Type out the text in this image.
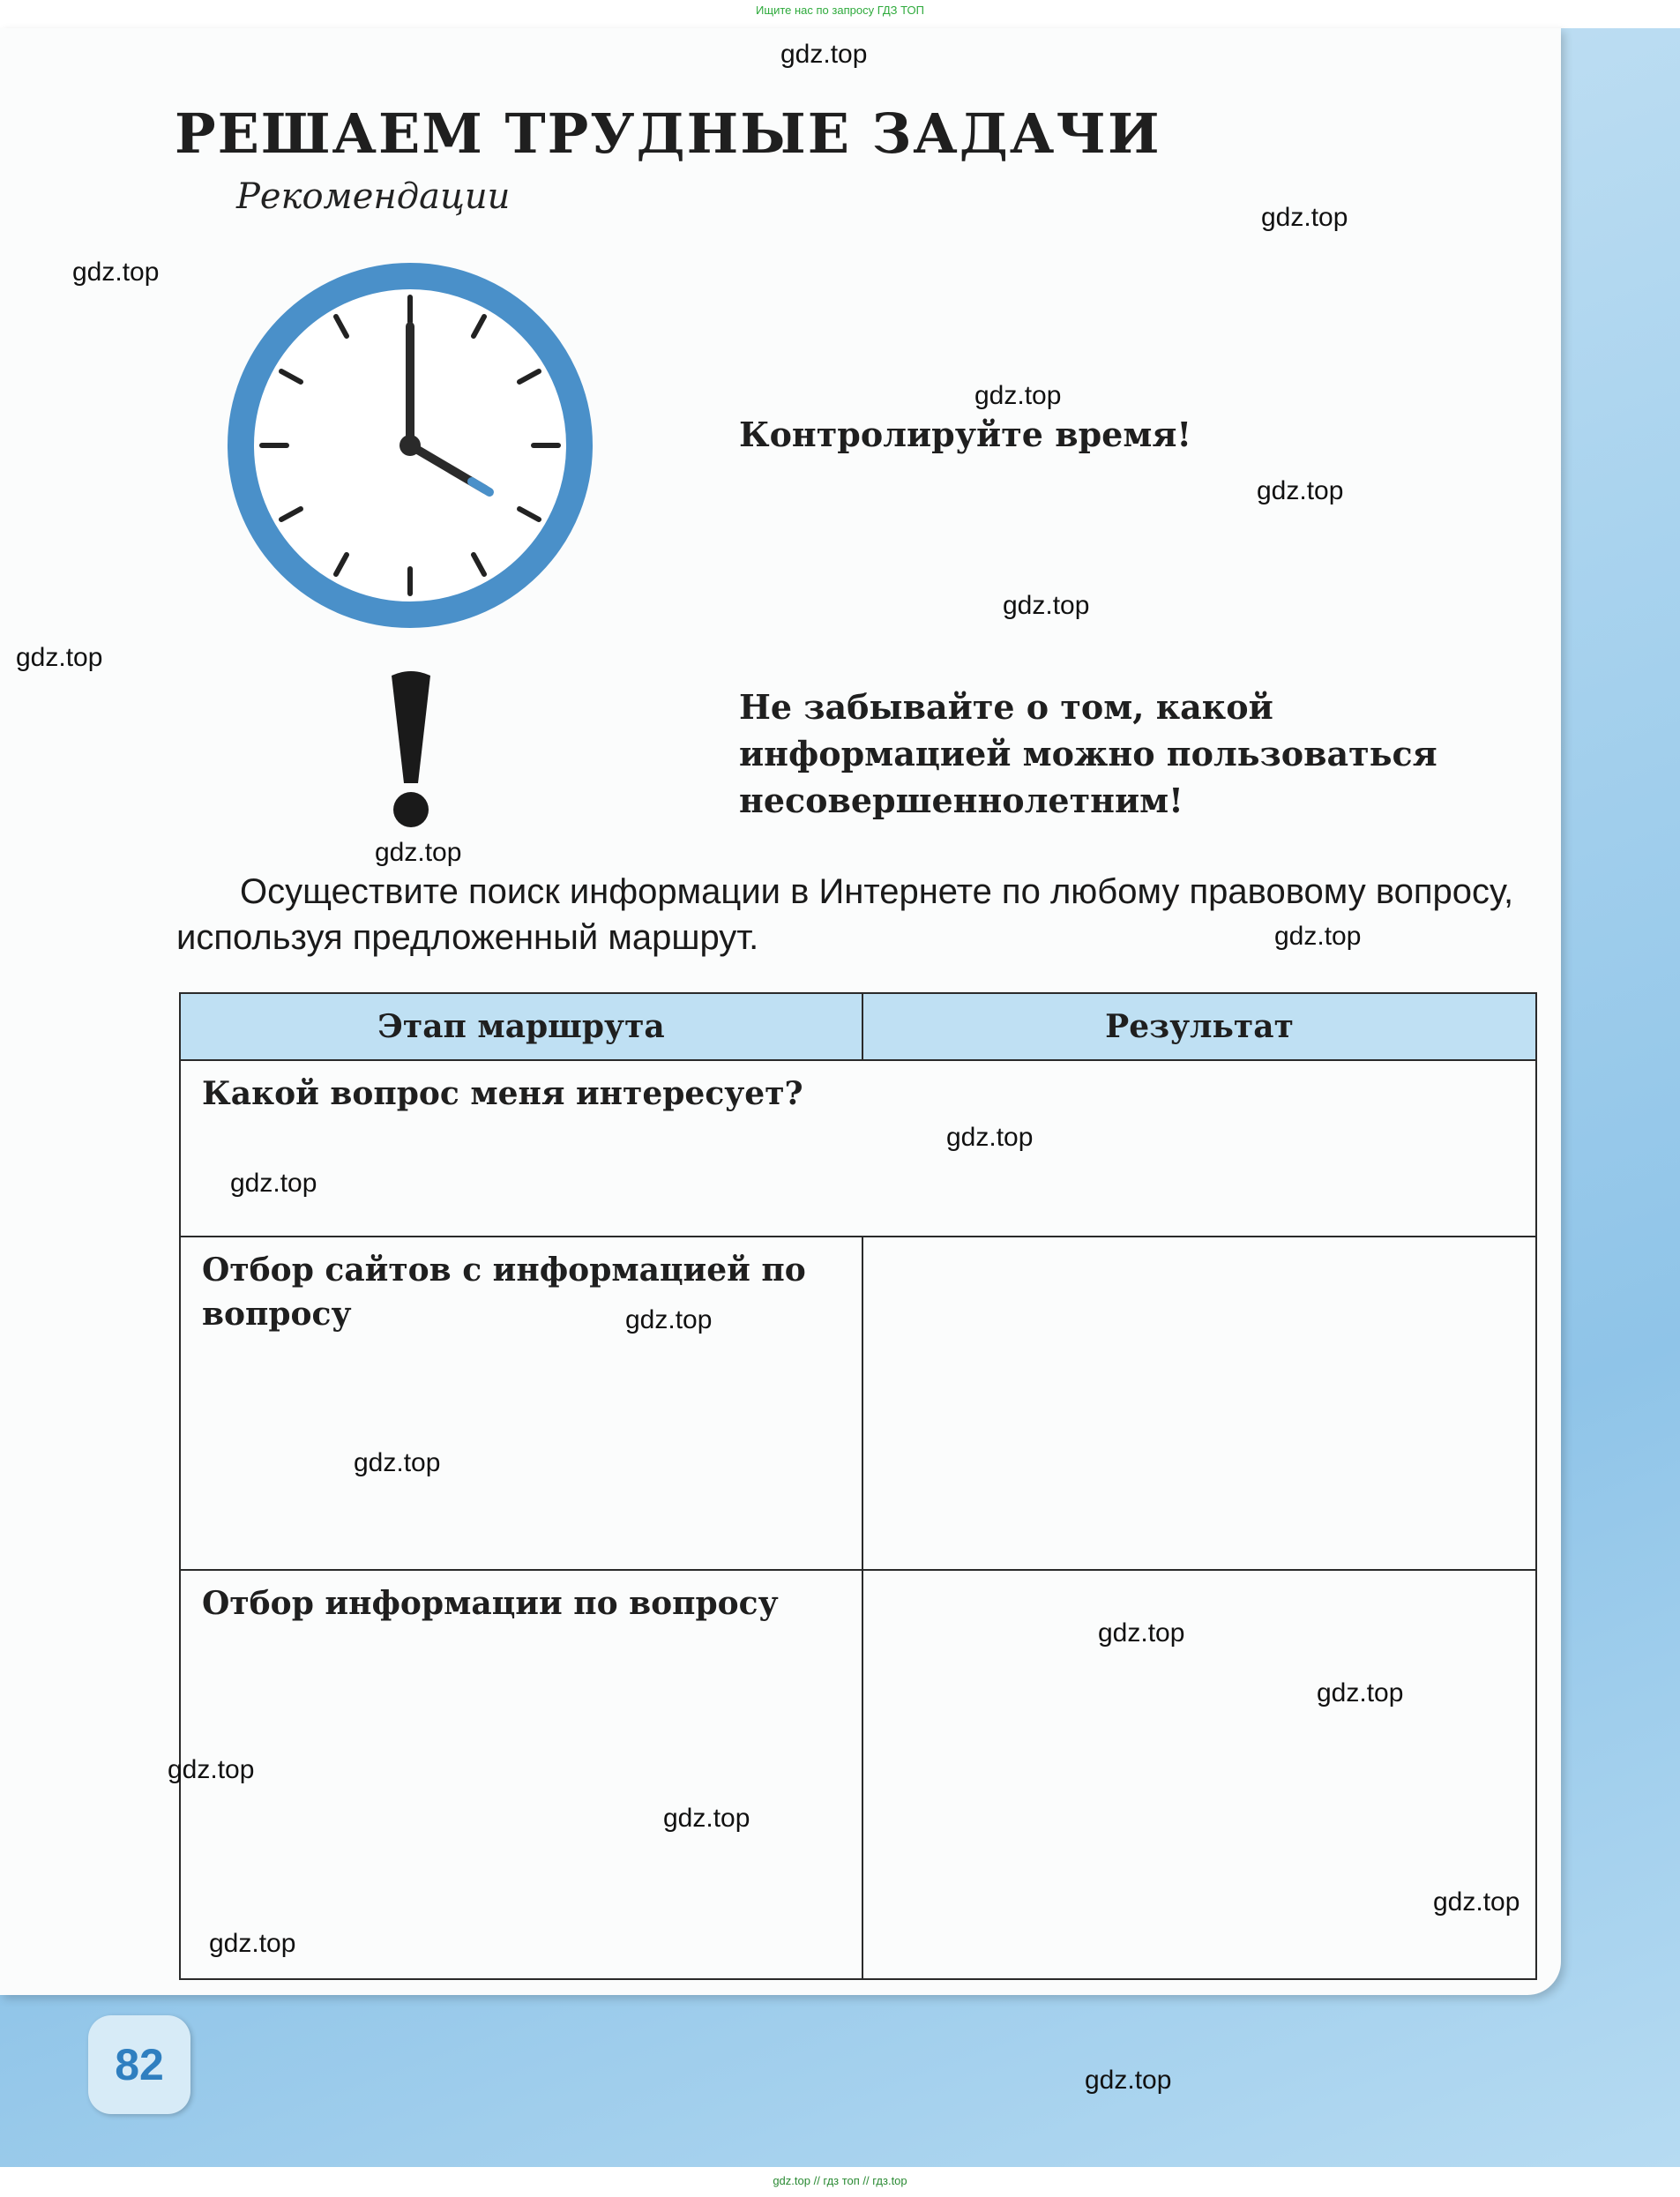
Ищите нас по запросу ГДЗ ТОП

РЕШАЕМ ТРУДНЫЕ ЗАДАЧИ
Рекомендации
Контролируйте время!
Не забывайте о том, какой информацией можно пользоваться несовершеннолетним!
Осуществите поиск информации в Интернете по любому правовому вопросу, используя предложенный маршрут.
Этап маршрута	Результат
Какой вопрос меня интересует?	
Отбор сайтов с информацией по вопросу	
Отбор информации по вопросу	
gdz.top
gdz.top
gdz.top
gdz.top
gdz.top
gdz.top
gdz.top
gdz.top
gdz.top
gdz.top
gdz.top
gdz.top
gdz.top
gdz.top
gdz.top
gdz.top
gdz.top
gdz.top
gdz.top
gdz.top
82
gdz.top // гдз топ // гдз.top
